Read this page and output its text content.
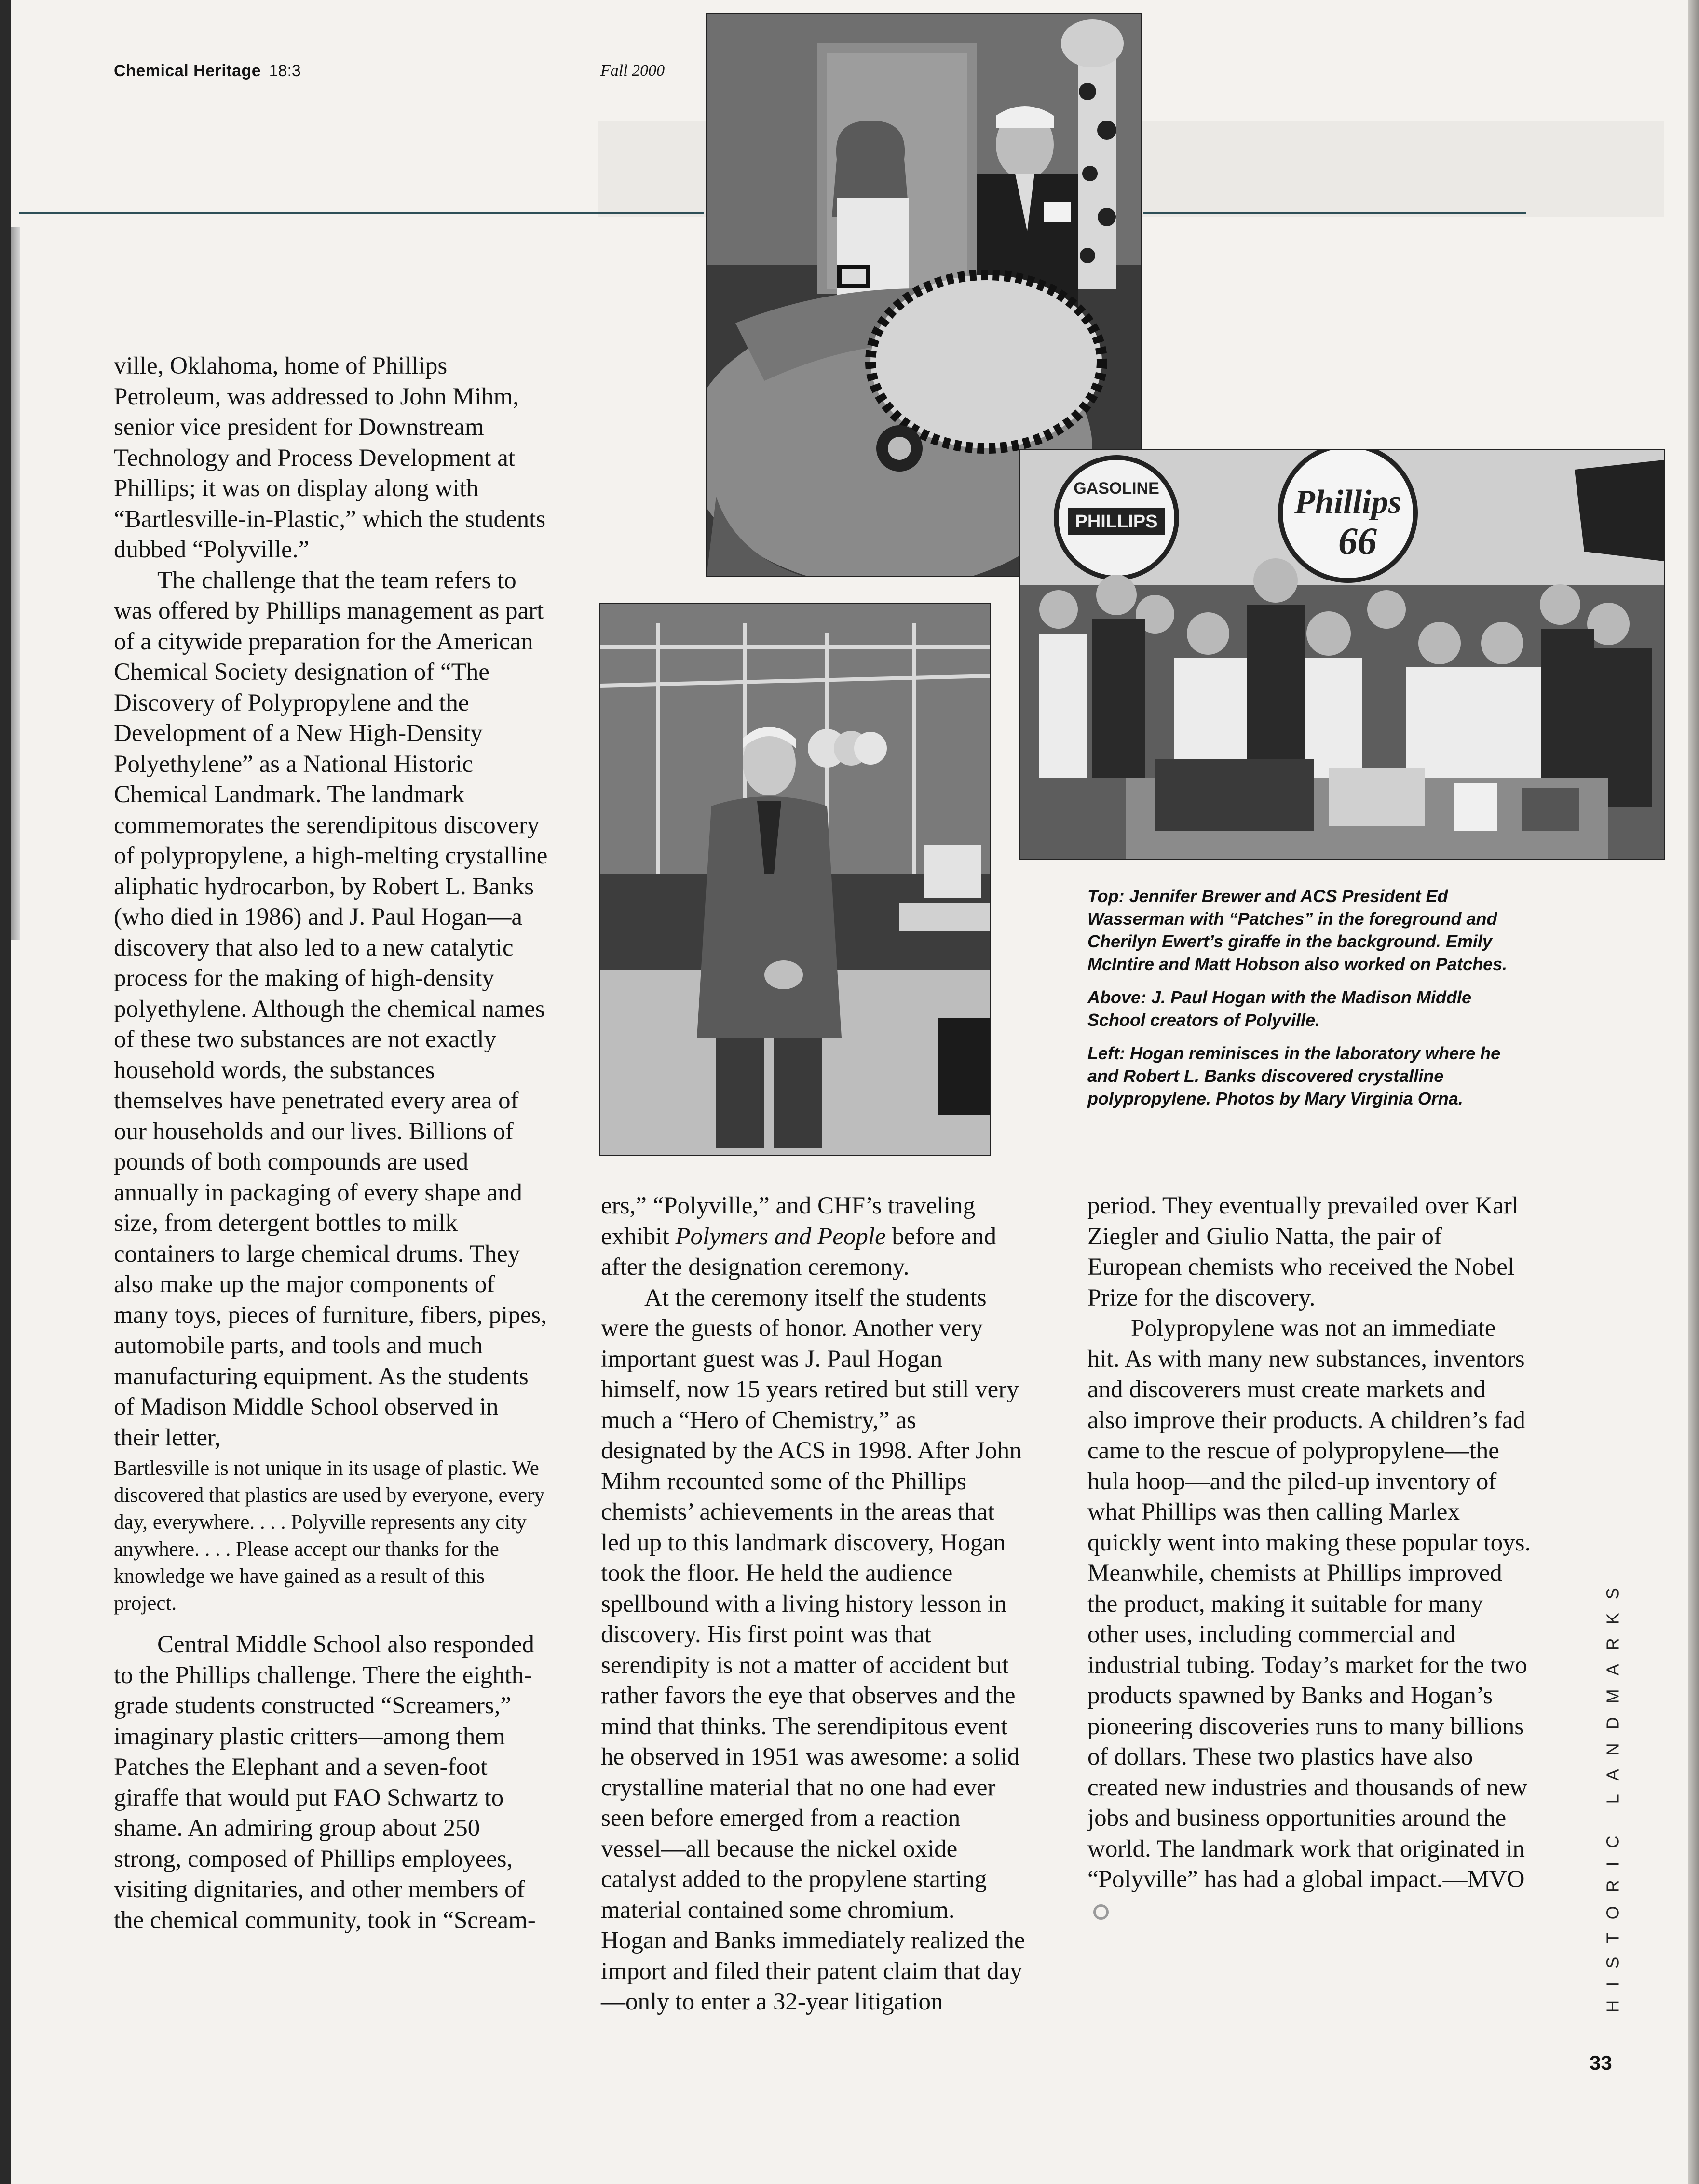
Chemical Heritage 18:3	Fall 2000
GASOLINE
PHILLIPS
Phillips
66

Top: Jennifer Brewer and ACS President Ed Wasserman with “Patches” in the foreground and Cherilyn Ewert’s giraffe in the background. Emily McIntire and Matt Hobson also worked on Patches.

Above: J. Paul Hogan with the Madison Middle School creators of Polyville.

Left: Hogan reminisces in the laboratory where he and Robert L. Banks discovered crystalline polypropylene. Photos by Mary Virginia Orna.

ville, Oklahoma, home of Phillips Petroleum, was addressed to John Mihm, senior vice president for Downstream Technology and Process Development at Phillips; it was on display along with “Bartlesville-in-Plastic,” which the students dubbed “Polyville.”

The challenge that the team refers to was offered by Phillips management as part of a citywide preparation for the American Chemical Society designation of “The Discovery of Polypropylene and the Development of a New High-Density Polyethylene” as a National Historic Chemical Landmark. The landmark commemorates the serendipitous discovery of polypropylene, a high-melting crystalline aliphatic hydrocarbon, by Robert L. Banks (who died in 1986) and J. Paul Hogan—a discovery that also led to a new catalytic process for the making of high-density polyethylene. Although the chemical names of these two substances are not exactly household words, the substances themselves have penetrated every area of our households and our lives. Billions of pounds of both compounds are used annually in packaging of every shape and size, from detergent bottles to milk containers to large chemical drums. They also make up the major components of many toys, pieces of furniture, fibers, pipes, automobile parts, and tools and much manufacturing equipment. As the students of Madison Middle School observed in their letter,

Bartlesville is not unique in its usage of plastic. We discovered that plastics are used by everyone, every day, everywhere. . . . Polyville represents any city anywhere. . . . Please accept our thanks for the knowledge we have gained as a result of this project.

Central Middle School also responded to the Phillips challenge. There the eighth-grade students constructed “Screamers,” imaginary plastic critters—among them Patches the Elephant and a seven-foot giraffe that would put FAO Schwartz to shame. An admiring group about 250 strong, composed of Phillips employees, visiting dignitaries, and other members of the chemical community, took in “Scream-

ers,” “Polyville,” and CHF’s traveling exhibit Polymers and People before and after the designation ceremony.

At the ceremony itself the students were the guests of honor. Another very important guest was J. Paul Hogan himself, now 15 years retired but still very much a “Hero of Chemistry,” as designated by the ACS in 1998. After John Mihm recounted some of the Phillips chemists’ achievements in the areas that led up to this landmark discovery, Hogan took the floor. He held the audience spellbound with a living history lesson in discovery. His first point was that serendipity is not a matter of accident but rather favors the eye that observes and the mind that thinks. The serendipitous event he observed in 1951 was awesome: a solid crystalline material that no one had ever seen before emerged from a reaction vessel—all because the nickel oxide catalyst added to the propylene starting material contained some chromium. Hogan and Banks immediately realized the import and filed their patent claim that day—only to enter a 32-year litigation

period. They eventually prevailed over Karl Ziegler and Giulio Natta, the pair of European chemists who received the Nobel Prize for the discovery.

Polypropylene was not an immediate hit. As with many new substances, inventors and discoverers must create markets and also improve their products. A children’s fad came to the rescue of polypropylene—the hula hoop—and the piled-up inventory of what Phillips was then calling Marlex quickly went into making these popular toys. Meanwhile, chemists at Phillips improved the product, making it suitable for many other uses, including commercial and industrial tubing. Today’s market for the two products spawned by Banks and Hogan’s pioneering discoveries runs to many billions of dollars. These two plastics have also created new industries and thousands of new jobs and business opportunities around the world. The landmark work that originated in “Polyville” has had a global impact.—MVO	HISTORIC LANDMARKS
33
